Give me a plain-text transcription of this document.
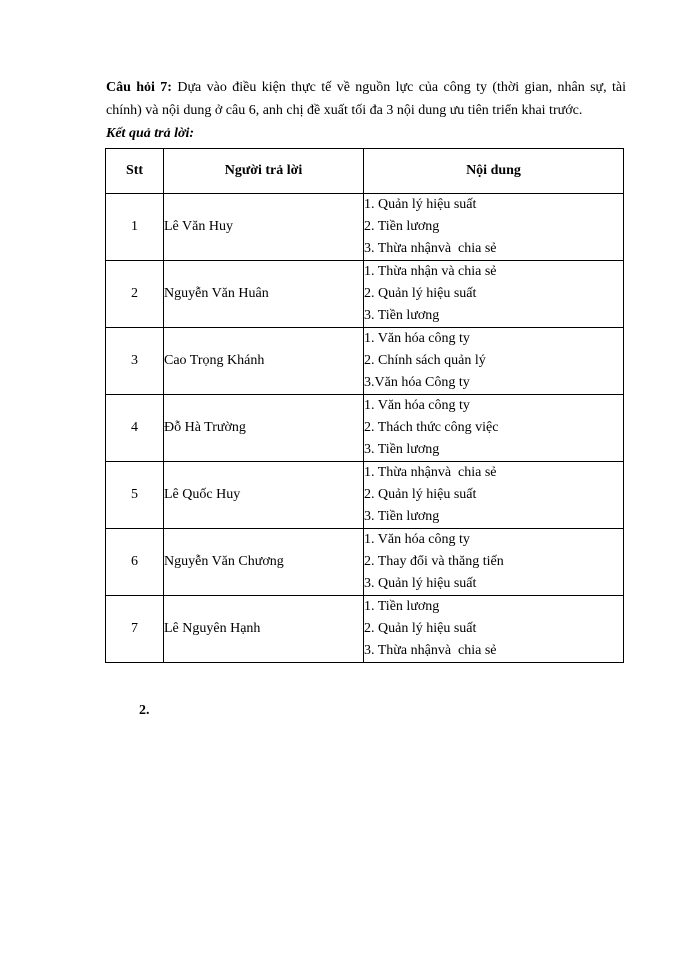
Câu hỏi 7: Dựa vào điều kiện thực tế về nguồn lực của công ty (thời gian, nhân sự, tài chính) và nội dung ở câu 6, anh chị đề xuất tối đa 3 nội dung ưu tiên triển khai trước.
Kết quả trả lời:
Stt	Người trả lời	Nội dung
1	Lê Văn Huy	1. Quản lý hiệu suất
2. Tiền lương
3. Thừa nhậnvà  chia sẻ

2	Nguyễn Văn Huân	1. Thừa nhận và chia sẻ
2. Quản lý hiệu suất
3. Tiền lương

3	Cao Trọng Khánh	1. Văn hóa công ty
2. Chính sách quản lý
3.Văn hóa Công ty

4	Đỗ Hà Trường	1. Văn hóa công ty
2. Thách thức công việc
3. Tiền lương

5	Lê Quốc Huy	1. Thừa nhậnvà  chia sẻ
2. Quản lý hiệu suất
3. Tiền lương

6	Nguyễn Văn Chương	1. Văn hóa công ty
2. Thay đổi và thăng tiến
3. Quản lý hiệu suất

7	Lê Nguyên Hạnh	1. Tiền lương
2. Quản lý hiệu suất
3. Thừa nhậnvà  chia sẻ
2.
